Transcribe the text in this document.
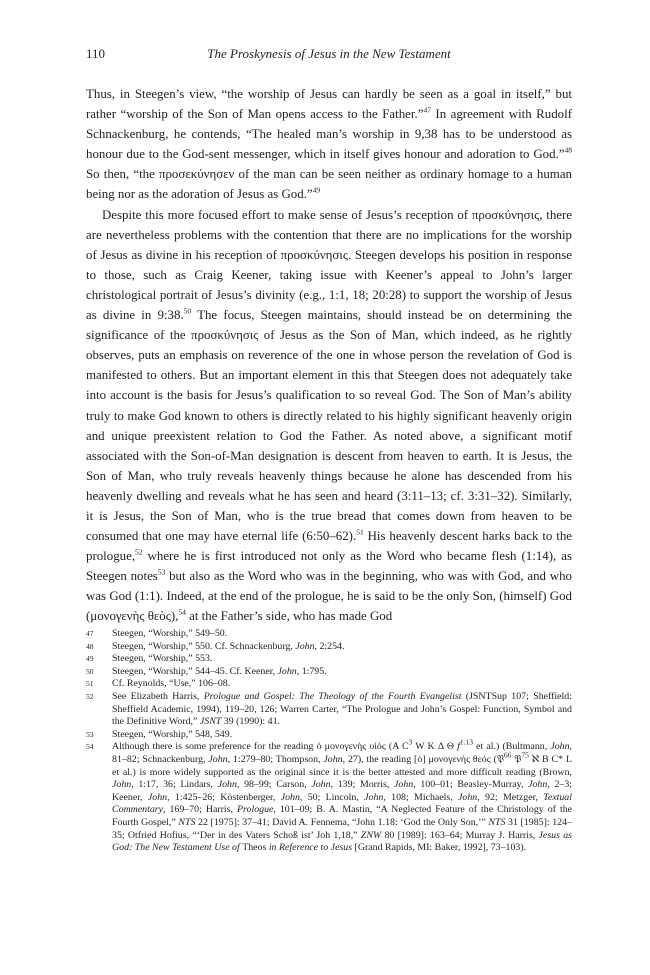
110	The Proskynesis of Jesus in the New Testament

Thus, in Steegen’s view, “the worship of Jesus can hardly be seen as a goal in itself,” but rather “worship of the Son of Man opens access to the Father.”$^{47}$ In agreement with Rudolf Schnackenburg, he contends, “The healed man’s worship in 9,38 has to be understood as honour due to the God-sent messenger, which in itself gives honour and adoration to God.”$^{48}$ So then, “the προσεκύνησεν of the man can be seen neither as ordinary homage to a human being nor as the adoration of Jesus as God.”$^{49}$

Despite this more focused effort to make sense of Jesus’s reception of προσκύνησις, there are nevertheless problems with the contention that there are no implications for the worship of Jesus as divine in his reception of προσκύνησις. Steegen develops his position in response to those, such as Craig Keener, taking issue with Keener’s appeal to John’s larger christological portrait of Jesus’s divinity (e.g., 1:1, 18; 20:28) to support the worship of Jesus as divine in 9:38.50 The focus, Steegen maintains, should instead be on determining the significance of the προσκύνησις of Jesus as the Son of Man, which indeed, as he rightly observes, puts an emphasis on reverence of the one in whose person the revelation of God is manifested to others. But an important element in this that Steegen does not adequately take into account is the basis for Jesus’s qualification to so reveal God. The Son of Man’s ability truly to make God known to others is directly related to his highly significant heavenly origin and unique preexistent relation to God the Father. As noted above, a significant motif associated with the Son-of-Man designation is descent from heaven to earth. It is Jesus, the Son of Man, who truly reveals heavenly things because he alone has descended from his heavenly dwelling and reveals what he has seen and heard (3:11–13; cf. 3:31–32). Similarly, it is Jesus, the Son of Man, who is the true bread that comes down from heaven to be consumed that one may have eternal life (6:50–62).$^{51}$ His heavenly descent harks back to the prologue,$^{52}$ where he is first introduced not only as the Word who became flesh (1:14), as Steegen notes$^{53}$ but also as the Word who was in the beginning, who was with God, and who was God (1:1). Indeed, at the end of the prologue, he is said to be the only Son, (himself) God (μονογενὴς θεὸς),$^{54}$ at the Father’s side, who has made God

47 Steegen, “Worship,” 549–50.
48 Steegen, “Worship,” 550. Cf. Schnackenburg, John, 2:254.
49 Steegen, “Worship,” 553.
50 Steegen, “Worship,” 544–45. Cf. Keener, John, 1:795.
51 Cf. Reynolds, “Use,” 106–08.
52 See Elizabeth Harris, Prologue and Gospel: The Theology of the Fourth Evangelist (JSNTSup 107; Sheffield: Sheffield Academic, 1994), 119–20, 126; Warren Carter, “The Prologue and John’s Gospel: Function, Symbol and the Definitive Word,” JSNT 39 (1990): 41.
53 Steegen, “Worship,” 548, 549.
54 Although there is some preference for the reading ὁ μονογενὴς υἱός (A C$^3$ W K Δ Θ f$^{1.13}$ et al.) (Bultmann, John, 81–82; Schnackenburg, John, 1:279–80; Thompson, John, 27), the reading [ὁ] μονογενὴς θεός (𝔓$^{66}$ 𝔓$^{75}$ ℵ B C* L et al.) is more widely supported as the original since it is the better attested and more difficult reading (Brown, John, 1:17, 36; Lindars, John, 98–99; Carson, John, 139; Morris, John, 100–01; Beasley-Murray, John, 2–3; Keener, John, 1:425–26; Köstenberger, John, 50; Lincoln, John, 108; Michaels, John, 92; Metzger, Textual Commentary, 169–70; Harris, Prologue, 101–09; B. A. Mastin, “A Neglected Feature of the Christology of the Fourth Gospel,” NTS 22 [1975]: 37–41; David A. Fennema, “John 1.18: ‘God the Only Son,’” NTS 31 [1985]: 124–35; Otfried Hofius, “‘Der in des Vaters Schoß ist’ Joh 1,18,” ZNW 80 [1989]: 163–64; Murray J. Harris, Jesus as God: The New Testament Use of Theos in Reference to Jesus [Grand Rapids, MI: Baker, 1992], 73–103).
